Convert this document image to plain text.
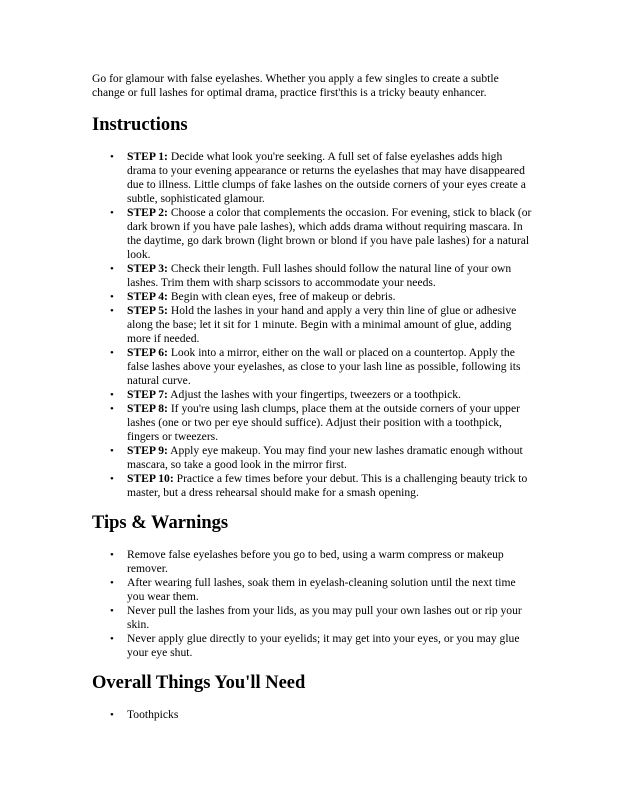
Go for glamour with false eyelashes. Whether you apply a few singles to create a subtle change or full lashes for optimal drama, practice first'this is a tricky beauty enhancer.

Instructions
• STEP 1: Decide what look you're seeking. A full set of false eyelashes adds high drama to your evening appearance or returns the eyelashes that may have disappeared due to illness. Little clumps of fake lashes on the outside corners of your eyes create a subtle, sophisticated glamour.
• STEP 2: Choose a color that complements the occasion. For evening, stick to black (or dark brown if you have pale lashes), which adds drama without requiring mascara. In the daytime, go dark brown (light brown or blond if you have pale lashes) for a natural look.
• STEP 3: Check their length. Full lashes should follow the natural line of your own lashes. Trim them with sharp scissors to accommodate your needs.
• STEP 4: Begin with clean eyes, free of makeup or debris.
• STEP 5: Hold the lashes in your hand and apply a very thin line of glue or adhesive along the base; let it sit for 1 minute. Begin with a minimal amount of glue, adding more if needed.
• STEP 6: Look into a mirror, either on the wall or placed on a countertop. Apply the false lashes above your eyelashes, as close to your lash line as possible, following its natural curve.
• STEP 7: Adjust the lashes with your fingertips, tweezers or a toothpick.
• STEP 8: If you're using lash clumps, place them at the outside corners of your upper lashes (one or two per eye should suffice). Adjust their position with a toothpick, fingers or tweezers.
• STEP 9: Apply eye makeup. You may find your new lashes dramatic enough without mascara, so take a good look in the mirror first.
• STEP 10: Practice a few times before your debut. This is a challenging beauty trick to master, but a dress rehearsal should make for a smash opening.
Tips & Warnings
• Remove false eyelashes before you go to bed, using a warm compress or makeup remover.
• After wearing full lashes, soak them in eyelash-cleaning solution until the next time you wear them.
• Never pull the lashes from your lids, as you may pull your own lashes out or rip your skin.
• Never apply glue directly to your eyelids; it may get into your eyes, or you may glue your eye shut.
Overall Things You'll Need
• Toothpicks
